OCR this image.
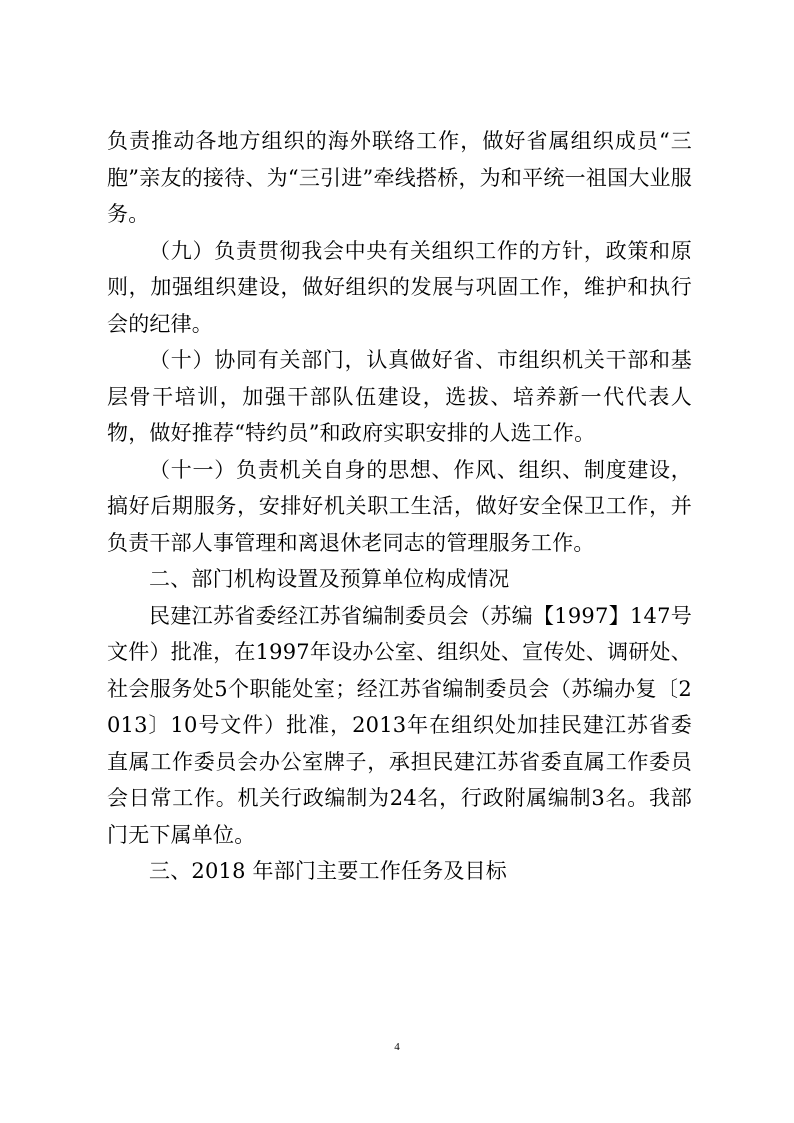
负责推动各地方组织的海外联络工作，做好省属组织成员“三胞”亲友的接待、为“三引进”牵线搭桥，为和平统一祖国大业服务。

（九）负责贯彻我会中央有关组织工作的方针，政策和原则，加强组织建设，做好组织的发展与巩固工作，维护和执行会的纪律。

（十）协同有关部门，认真做好省、市组织机关干部和基层骨干培训，加强干部队伍建设，选拔、培养新一代代表人物，做好推荐“特约员”和政府实职安排的人选工作。

（十一）负责机关自身的思想、作风、组织、制度建设，搞好后期服务，安排好机关职工生活，做好安全保卫工作，并负责干部人事管理和离退休老同志的管理服务工作。

二、部门机构设置及预算单位构成情况

民建江苏省委经江苏省编制委员会（苏编【1997】147号文件）批准，在1997年设办公室、组织处、宣传处、调研处、社会服务处5个职能处室；经江苏省编制委员会（苏编办复〔2013〕10号文件）批准，2013年在组织处加挂民建江苏省委直属工作委员会办公室牌子，承担民建江苏省委直属工作委员会日常工作。机关行政编制为24名，行政附属编制3名。我部门无下属单位。

三、2018 年部门主要工作任务及目标

4
